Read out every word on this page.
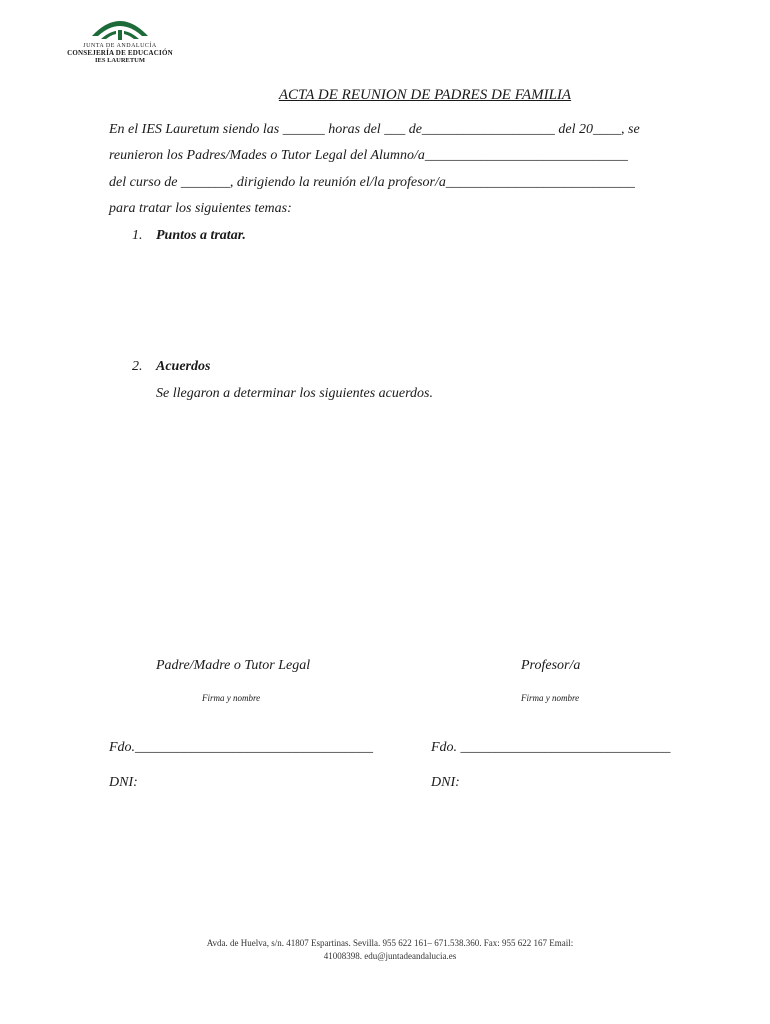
JUNTA DE ANDALUCÍA
CONSEJERÍA DE EDUCACIÓN
IES LAURETUM
ACTA DE REUNION DE PADRES DE FAMILIA
En el IES Lauretum siendo las ______ horas del ___ de___________________ del 20____, se
reunieron los Padres/Mades o Tutor Legal del Alumno/a_____________________________
del curso de _______, dirigiendo la reunión el/la profesor/a___________________________
para tratar los siguientes temas:
1. Puntos a tratar.
2. Acuerdos
Se llegaron a determinar los siguientes acuerdos.
Padre/Madre o Tutor Legal
Firma y nombre
Profesor/a
Firma y nombre
Fdo.__________________________________	Fdo. ______________________________
DNI:	DNI:
Avda. de Huelva, s/n. 41807 Espartinas. Sevilla. 955 622 161– 671.538.360. Fax: 955 622 167 Email:
41008398. edu@juntadeandalucia.es
